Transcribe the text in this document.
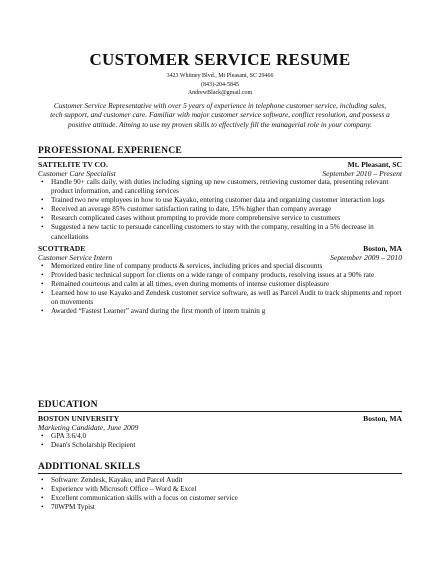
CUSTOMER SERVICE RESUME
3423 Whitney Blvd., Mt Pleasant, SC 29466
(843)-204-5845
AndrewBlack@gmail.com
Customer Service Representative with over 5 years of experience in telephone customer service, including sales, tech support, and customer care. Familiar with major customer service software, conflict resolution, and possess a positive attitude. Aiming to use my proven skills to effectively fill the managerial role in your company.
PROFESSIONAL EXPERIENCE
SATTELITE TV CO.	Mt. Pleasant, SC
Customer Care Specialist	September 2010 – Present
• Handle 90+ calls daily, with duties including signing up new customers, retrieving customer data, presenting relevant product information, and cancelling services
• Trained two new employees in how to use Kayako, entering customer data and organizing customer interaction logs
• Received an average 85% customer satisfaction rating to date, 15% higher than company average
• Research complicated cases without prompting to provide more comprehensive service to customers
• Suggested a new tactic to persuade cancelling customers to stay with the company, resulting in a 5% decrease in cancellations
SCOTTRADE	Boston, MA
Customer Service Intern	September 2009 – 2010
• Memorized entire line of company products & services, including prices and special discounts
• Provided basic technical support for clients on a wide range of company products, resolving issues at a 90% rate
• Remained courteous and calm at all times, even during moments of intense customer displeasure
• Learned how to use Kayako and Zendesk customer service software, as well as Parcel Audit to track shipments and report on movements
• Awarded “Fastest Learner” award during the first month of intern trainin g
EDUCATION
BOSTON UNIVERSITY	Boston, MA
Marketing Candidate, June 2009
• GPA 3.6/4.0
• Dean's Scholarship Recipient
ADDITIONAL SKILLS
• Software: Zendesk, Kayako, and Parcel Audit
• Experience with Microsoft Office – Word & Excel
• Excellent communication skills with a focus on customer service
• 70WPM Typist
